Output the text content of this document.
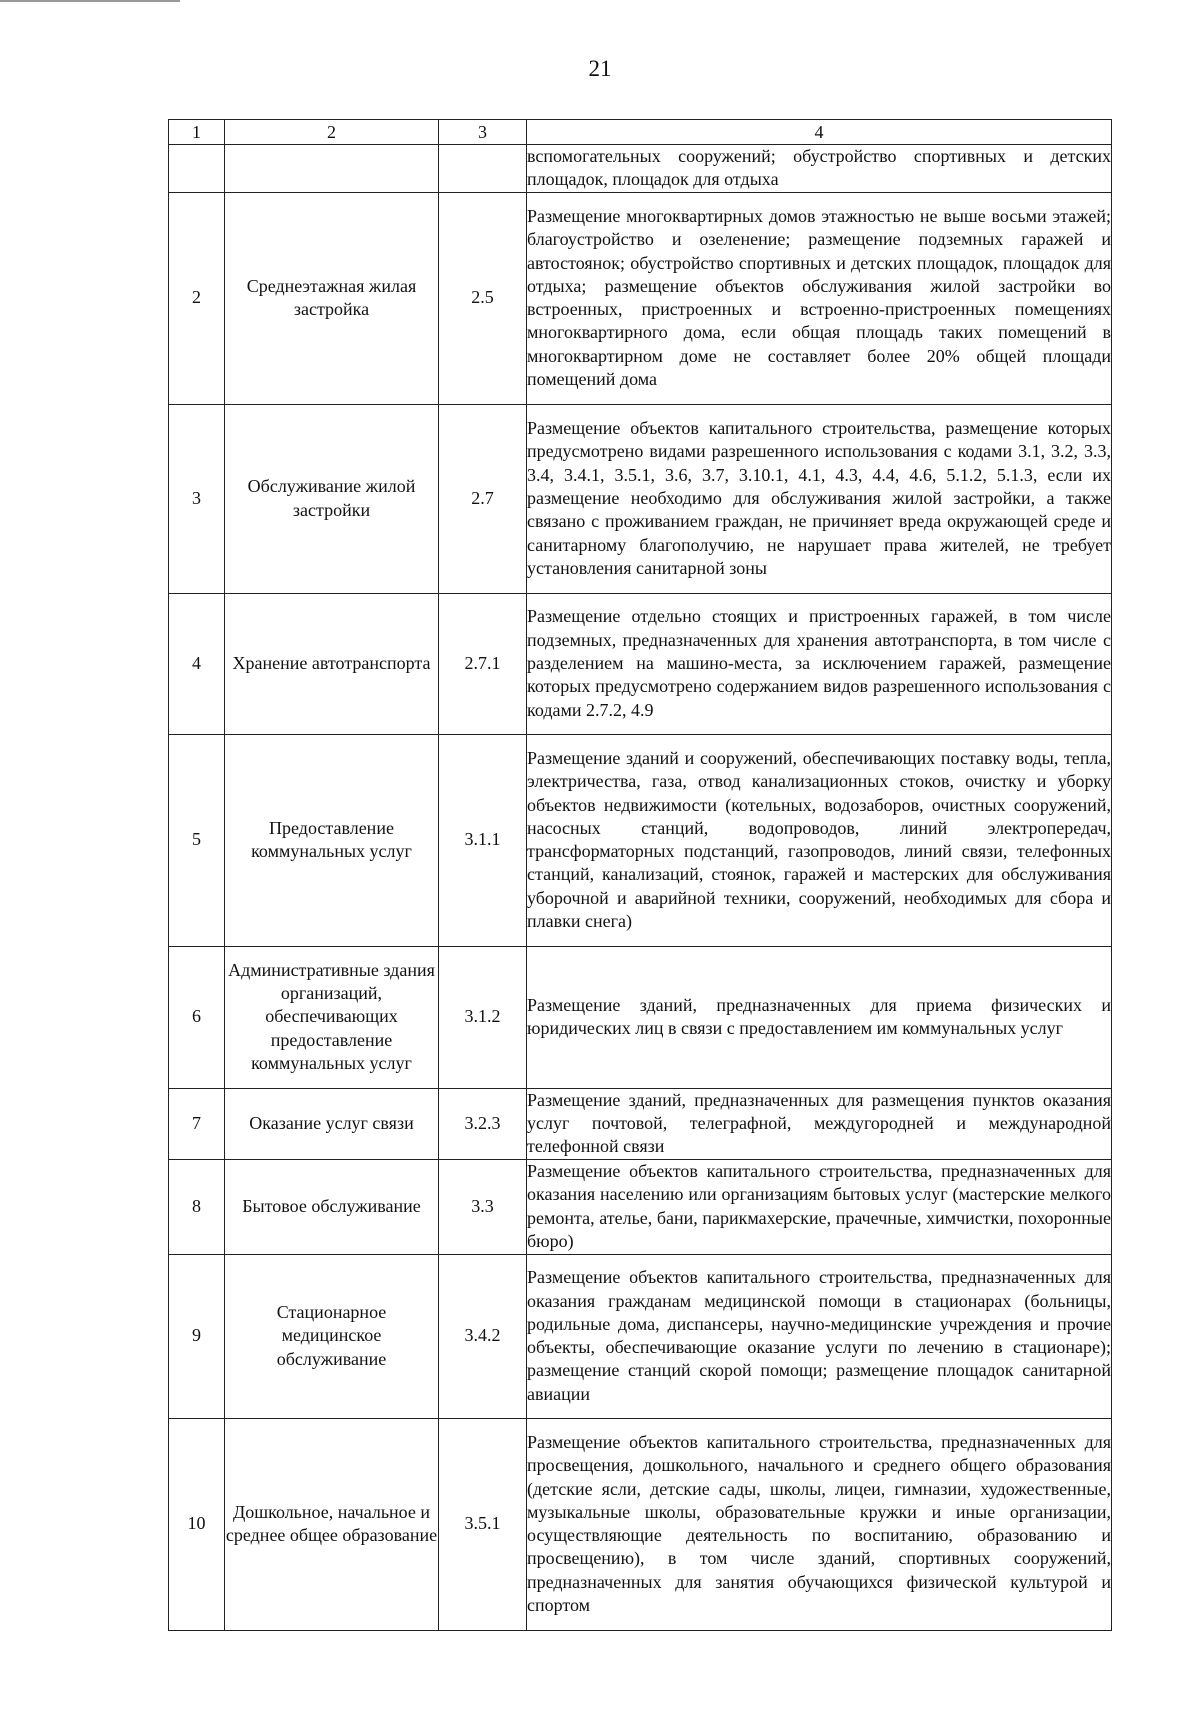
21
1	2	3	4
			вспомогательных сооружений; обустройство спортивных и детских площадок, площадок для отдыха
2	Среднеэтажная жилая застройка	2.5	Размещение многоквартирных домов этажностью не выше восьми этажей; благоустройство и озеленение; размещение подземных гаражей и автостоянок; обустройство спортивных и детских площадок, площадок для отдыха; размещение объектов обслуживания жилой застройки во встроенных, пристроенных и встроенно-пристроенных помещениях многоквартирного дома, если общая площадь таких помещений в многоквартирном доме не составляет более 20% общей площади помещений дома
3	Обслуживание жилой застройки	2.7	Размещение объектов капитального строительства, размещение которых предусмотрено видами разрешенного использования с кодами 3.1, 3.2, 3.3, 3.4, 3.4.1, 3.5.1, 3.6, 3.7, 3.10.1, 4.1, 4.3, 4.4, 4.6, 5.1.2, 5.1.3, если их размещение необходимо для обслуживания жилой застройки, а также связано с проживанием граждан, не причиняет вреда окружающей среде и санитарному благополучию, не нарушает права жителей, не требует установления санитарной зоны
4	Хранение автотранспорта	2.7.1	Размещение отдельно стоящих и пристроенных гаражей, в том числе подземных, предназначенных для хранения автотранспорта, в том числе с разделением на машино-места, за исключением гаражей, размещение которых предусмотрено содержанием видов разрешенного использования с кодами 2.7.2, 4.9
5	Предоставление коммунальных услуг	3.1.1	Размещение зданий и сооружений, обеспечивающих поставку воды, тепла, электричества, газа, отвод канализационных стоков, очистку и уборку объектов недвижимости (котельных, водозаборов, очистных сооружений, насосных станций, водопроводов, линий электропередач, трансформаторных подстанций, газопроводов, линий связи, телефонных станций, канализаций, стоянок, гаражей и мастерских для обслуживания уборочной и аварийной техники, сооружений, необходимых для сбора и плавки снега)
6	Административные здания организаций, обеспечивающих предоставление коммунальных услуг	3.1.2	Размещение зданий, предназначенных для приема физических и юридических лиц в связи с предоставлением им коммунальных услуг
7	Оказание услуг связи	3.2.3	Размещение зданий, предназначенных для размещения пунктов оказания услуг почтовой, телеграфной, междугородней и международной телефонной связи
8	Бытовое обслуживание	3.3	Размещение объектов капитального строительства, предназначенных для оказания населению или организациям бытовых услуг (мастерские мелкого ремонта, ателье, бани, парикмахерские, прачечные, химчистки, похоронные бюро)
9	Стационарное медицинское обслуживание	3.4.2	Размещение объектов капитального строительства, предназначенных для оказания гражданам медицинской помощи в стационарах (больницы, родильные дома, диспансеры, научно-медицинские учреждения и прочие объекты, обеспечивающие оказание услуги по лечению в стационаре); размещение станций скорой помощи; размещение площадок санитарной авиации
10	Дошкольное, начальное и среднее общее образование	3.5.1	Размещение объектов капитального строительства, предназначенных для просвещения, дошкольного, начального и среднего общего образования (детские ясли, детские сады, школы, лицеи, гимназии, художественные, музыкальные школы, образовательные кружки и иные организации, осуществляющие деятельность по воспитанию, образованию и просвещению), в том числе зданий, спортивных сооружений, предназначенных для занятия обучающихся физической культурой и спортом
